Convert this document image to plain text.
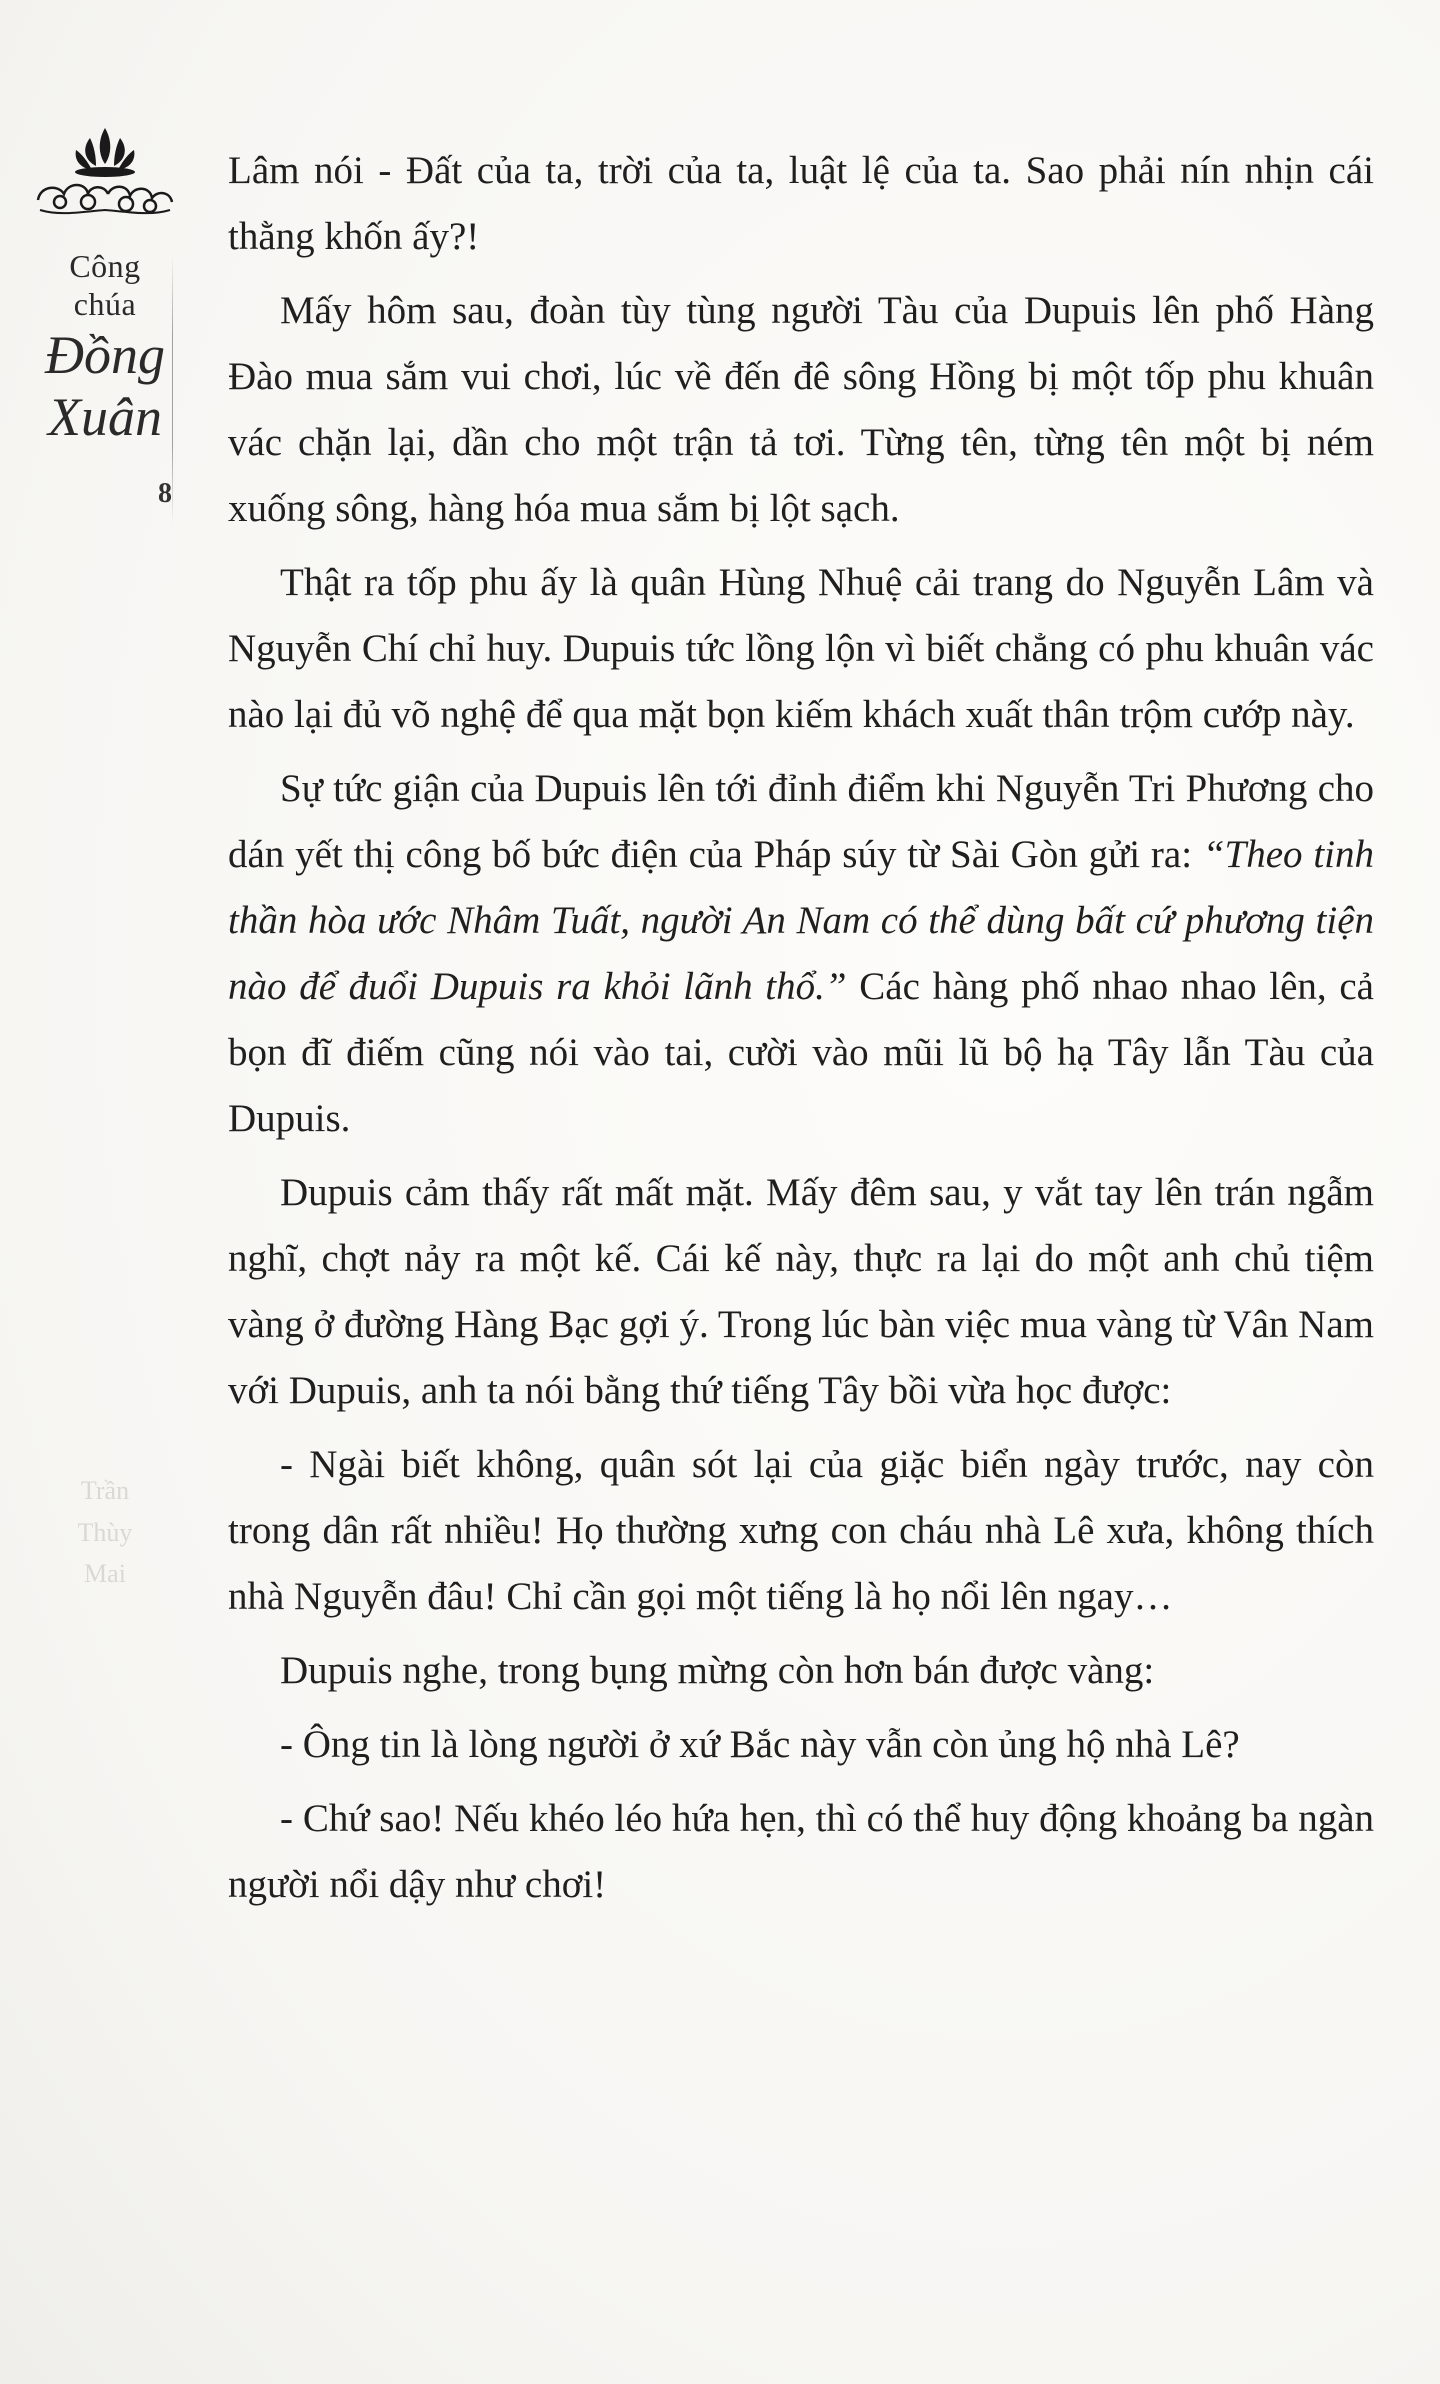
Công
chúa
Đồng
Xuân
8
Trần
Thùy
Mai

Lâm nói - Đất của ta, trời của ta, luật lệ của ta. Sao phải nín nhịn cái thằng khốn ấy?!

Mấy hôm sau, đoàn tùy tùng người Tàu của Dupuis lên phố Hàng Đào mua sắm vui chơi, lúc về đến đê sông Hồng bị một tốp phu khuân vác chặn lại, dần cho một trận tả tơi. Từng tên, từng tên một bị ném xuống sông, hàng hóa mua sắm bị lột sạch.

Thật ra tốp phu ấy là quân Hùng Nhuệ cải trang do Nguyễn Lâm và Nguyễn Chí chỉ huy. Dupuis tức lồng lộn vì biết chẳng có phu khuân vác nào lại đủ võ nghệ để qua mặt bọn kiếm khách xuất thân trộm cướp này.

Sự tức giận của Dupuis lên tới đỉnh điểm khi Nguyễn Tri Phương cho dán yết thị công bố bức điện của Pháp súy từ Sài Gòn gửi ra: “Theo tinh thần hòa ước Nhâm Tuất, người An Nam có thể dùng bất cứ phương tiện nào để đuổi Dupuis ra khỏi lãnh thổ.” Các hàng phố nhao nhao lên, cả bọn đĩ điếm cũng nói vào tai, cười vào mũi lũ bộ hạ Tây lẫn Tàu của Dupuis.

Dupuis cảm thấy rất mất mặt. Mấy đêm sau, y vắt tay lên trán ngẫm nghĩ, chợt nảy ra một kế. Cái kế này, thực ra lại do một anh chủ tiệm vàng ở đường Hàng Bạc gợi ý. Trong lúc bàn việc mua vàng từ Vân Nam với Dupuis, anh ta nói bằng thứ tiếng Tây bồi vừa học được:

- Ngài biết không, quân sót lại của giặc biển ngày trước, nay còn trong dân rất nhiều! Họ thường xưng con cháu nhà Lê xưa, không thích nhà Nguyễn đâu! Chỉ cần gọi một tiếng là họ nổi lên ngay…

Dupuis nghe, trong bụng mừng còn hơn bán được vàng:

- Ông tin là lòng người ở xứ Bắc này vẫn còn ủng hộ nhà Lê?

- Chứ sao! Nếu khéo léo hứa hẹn, thì có thể huy động khoảng ba ngàn người nổi dậy như chơi!
